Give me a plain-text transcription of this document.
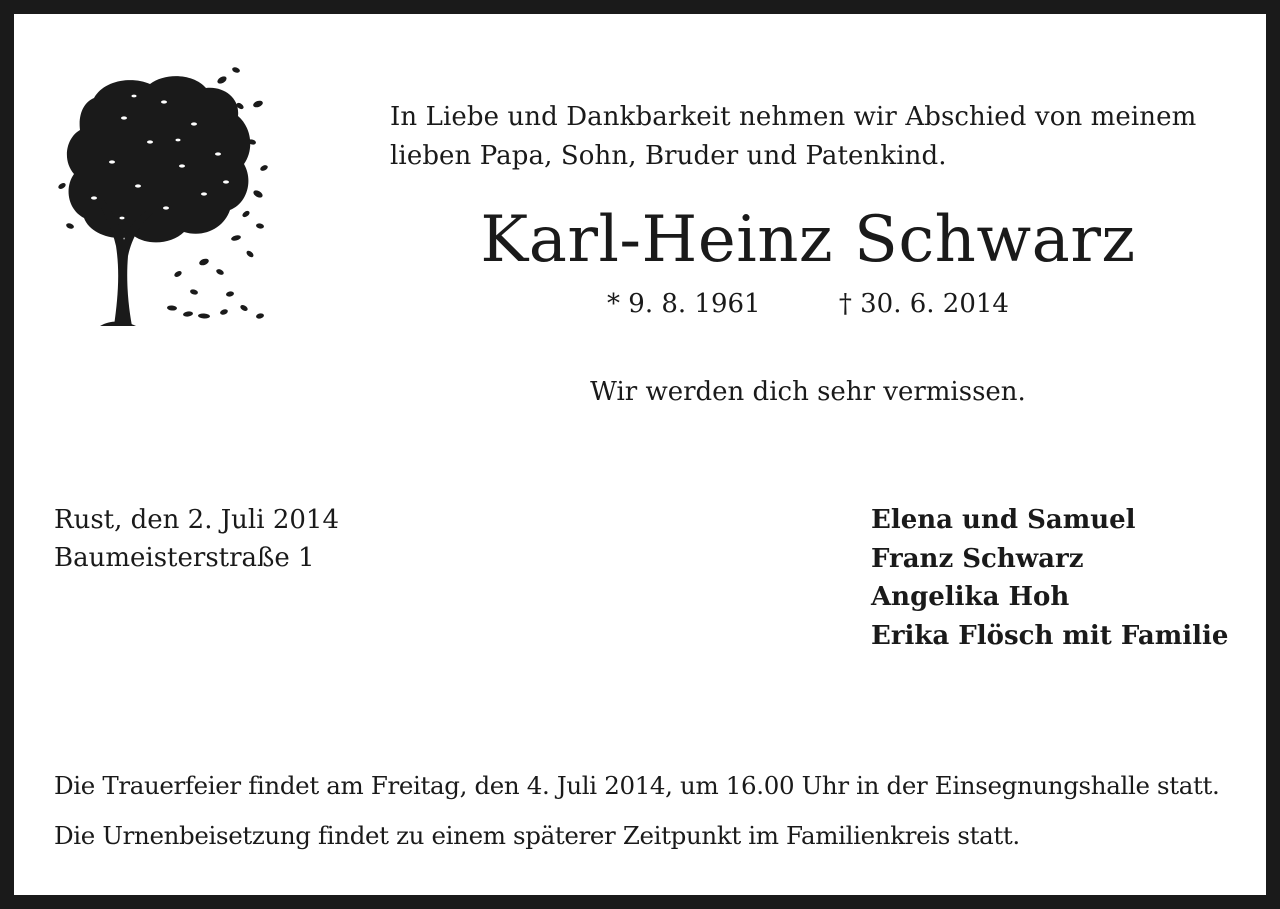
In Liebe und Dankbarkeit nehmen wir Abschied von meinem
lieben Papa, Sohn, Bruder und Patenkind.
Karl-Heinz Schwarz
* 9. 8. 1961	† 30. 6. 2014
Wir werden dich sehr vermissen.
Rust, den 2. Juli 2014
Baumeisterstraße 1
Elena und Samuel
Franz Schwarz
Angelika Hoh
Erika Flösch mit Familie
Die Trauerfeier findet am Freitag, den 4. Juli 2014, um 16.00 Uhr in der Einsegnungshalle statt.
Die Urnenbeisetzung findet zu einem späterer Zeitpunkt im Familienkreis statt.
